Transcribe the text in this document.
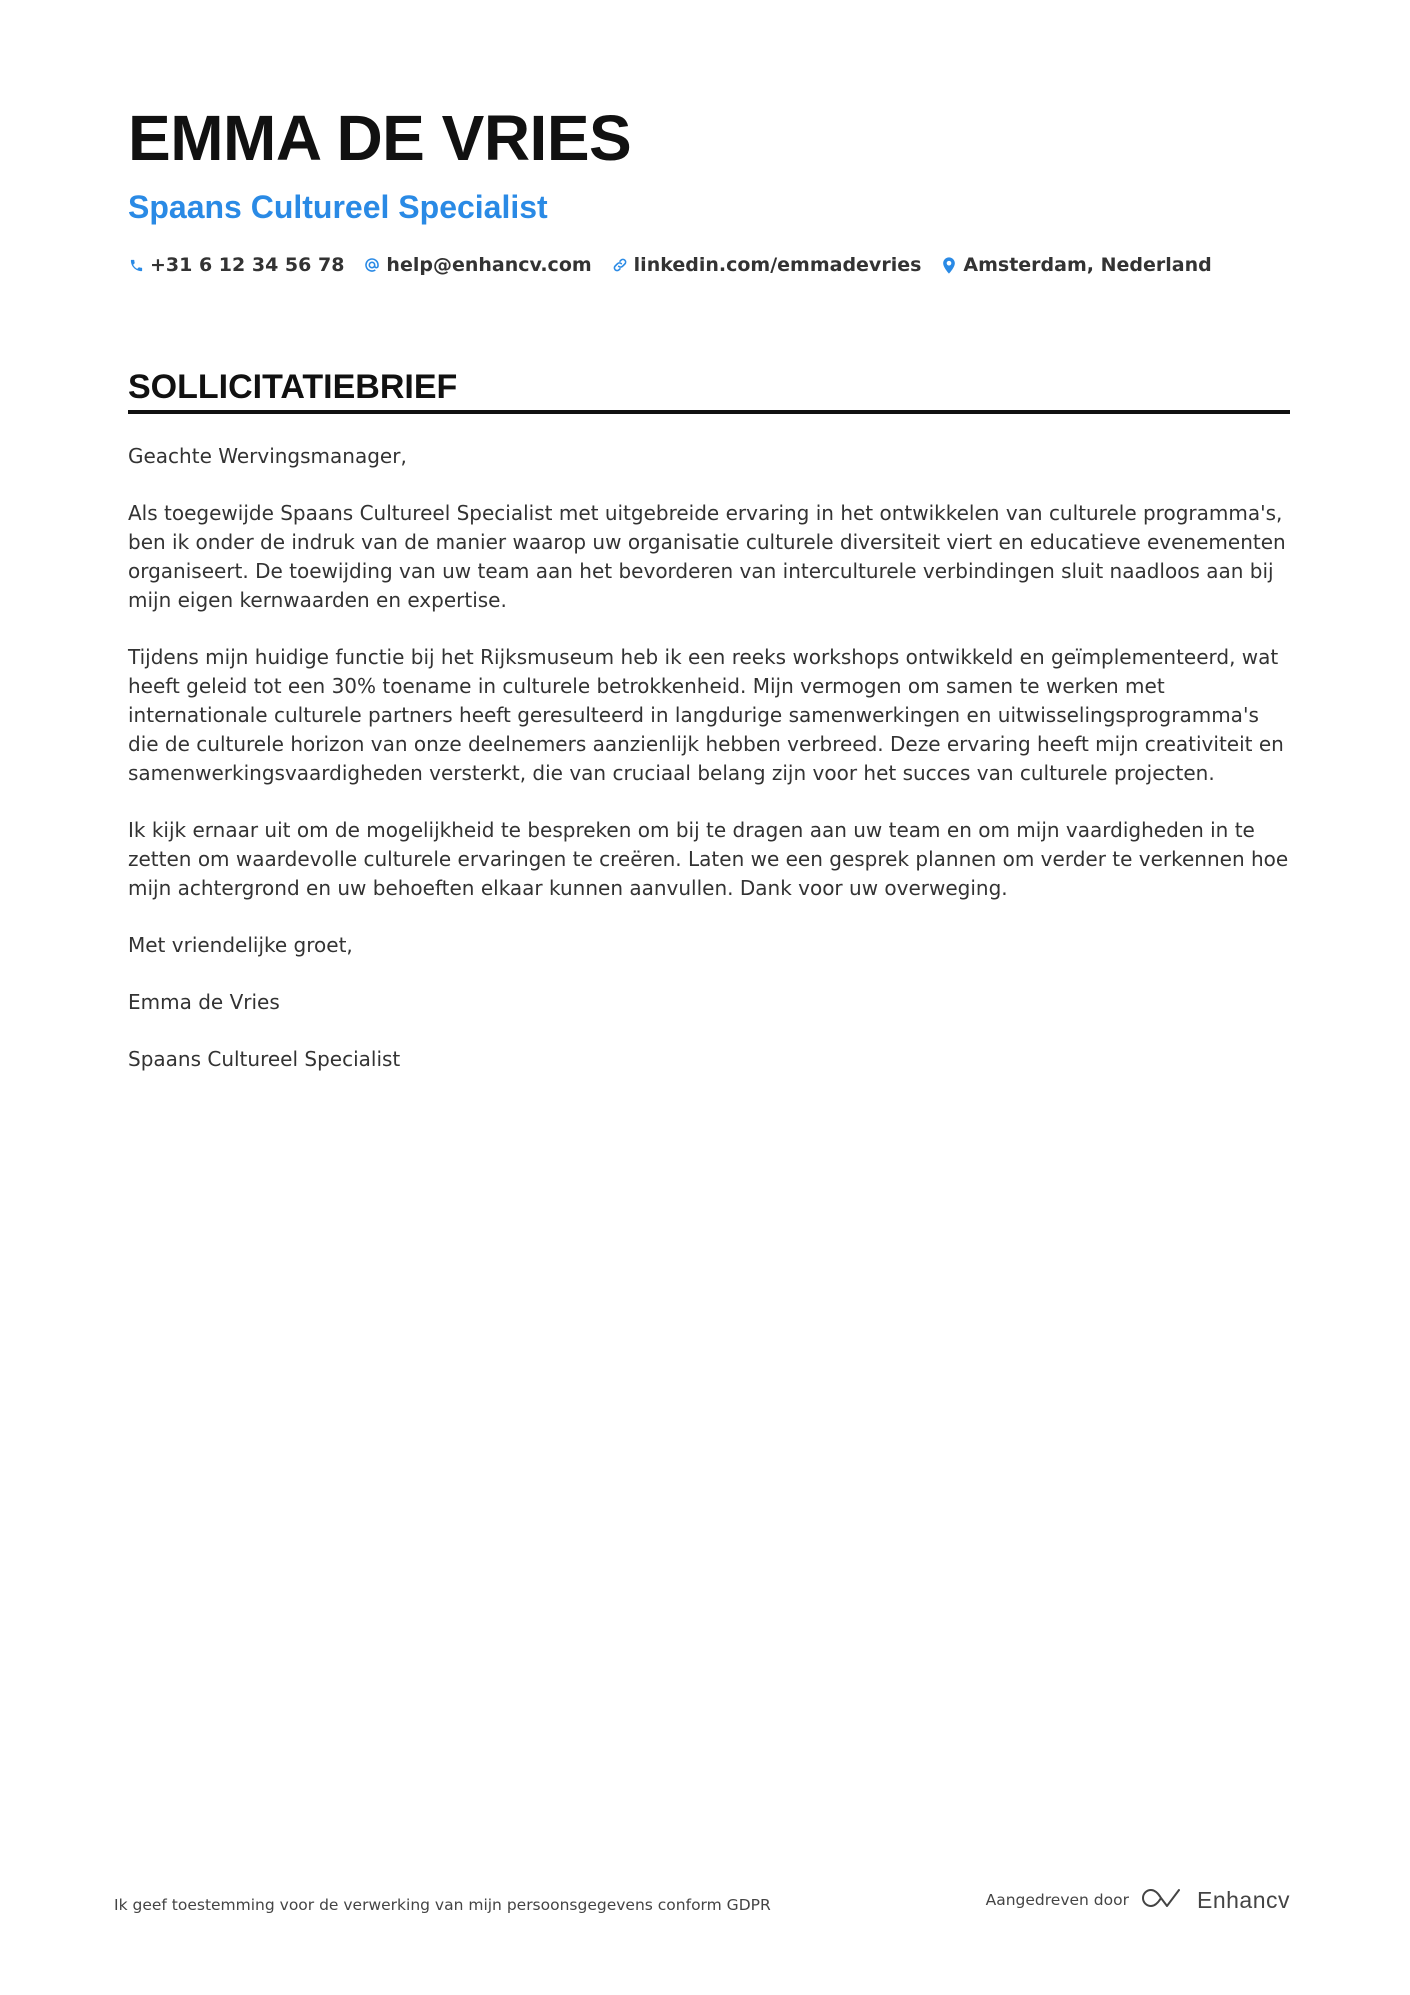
EMMA DE VRIES
Spaans Cultureel Specialist
+31 6 12 34 56 78 help@enhancv.com linkedin.com/emmadevries Amsterdam, Nederland
SOLLICITATIEBRIEF

Geachte Wervingsmanager,

Als toegewijde Spaans Cultureel Specialist met uitgebreide ervaring in het ontwikkelen van culturele programma's, ben ik onder de indruk van de manier waarop uw organisatie culturele diversiteit viert en educatieve evenementen organiseert. De toewijding van uw team aan het bevorderen van interculturele verbindingen sluit naadloos aan bij mijn eigen kernwaarden en expertise.

Tijdens mijn huidige functie bij het Rijksmuseum heb ik een reeks workshops ontwikkeld en geïmplementeerd, wat heeft geleid tot een 30% toename in culturele betrokkenheid. Mijn vermogen om samen te werken met internationale culturele partners heeft geresulteerd in langdurige samenwerkingen en uitwisselingsprogramma's die de culturele horizon van onze deelnemers aanzienlijk hebben verbreed. Deze ervaring heeft mijn creativiteit en samenwerkingsvaardigheden versterkt, die van cruciaal belang zijn voor het succes van culturele projecten.

Ik kijk ernaar uit om de mogelijkheid te bespreken om bij te dragen aan uw team en om mijn vaardigheden in te zetten om waardevolle culturele ervaringen te creëren. Laten we een gesprek plannen om verder te verkennen hoe mijn achtergrond en uw behoeften elkaar kunnen aanvullen. Dank voor uw overweging.

Met vriendelijke groet,

Emma de Vries

Spaans Cultureel Specialist

Ik geef toestemming voor de verwerking van mijn persoonsgegevens conform GDPR	Aangedreven door	Enhancv
